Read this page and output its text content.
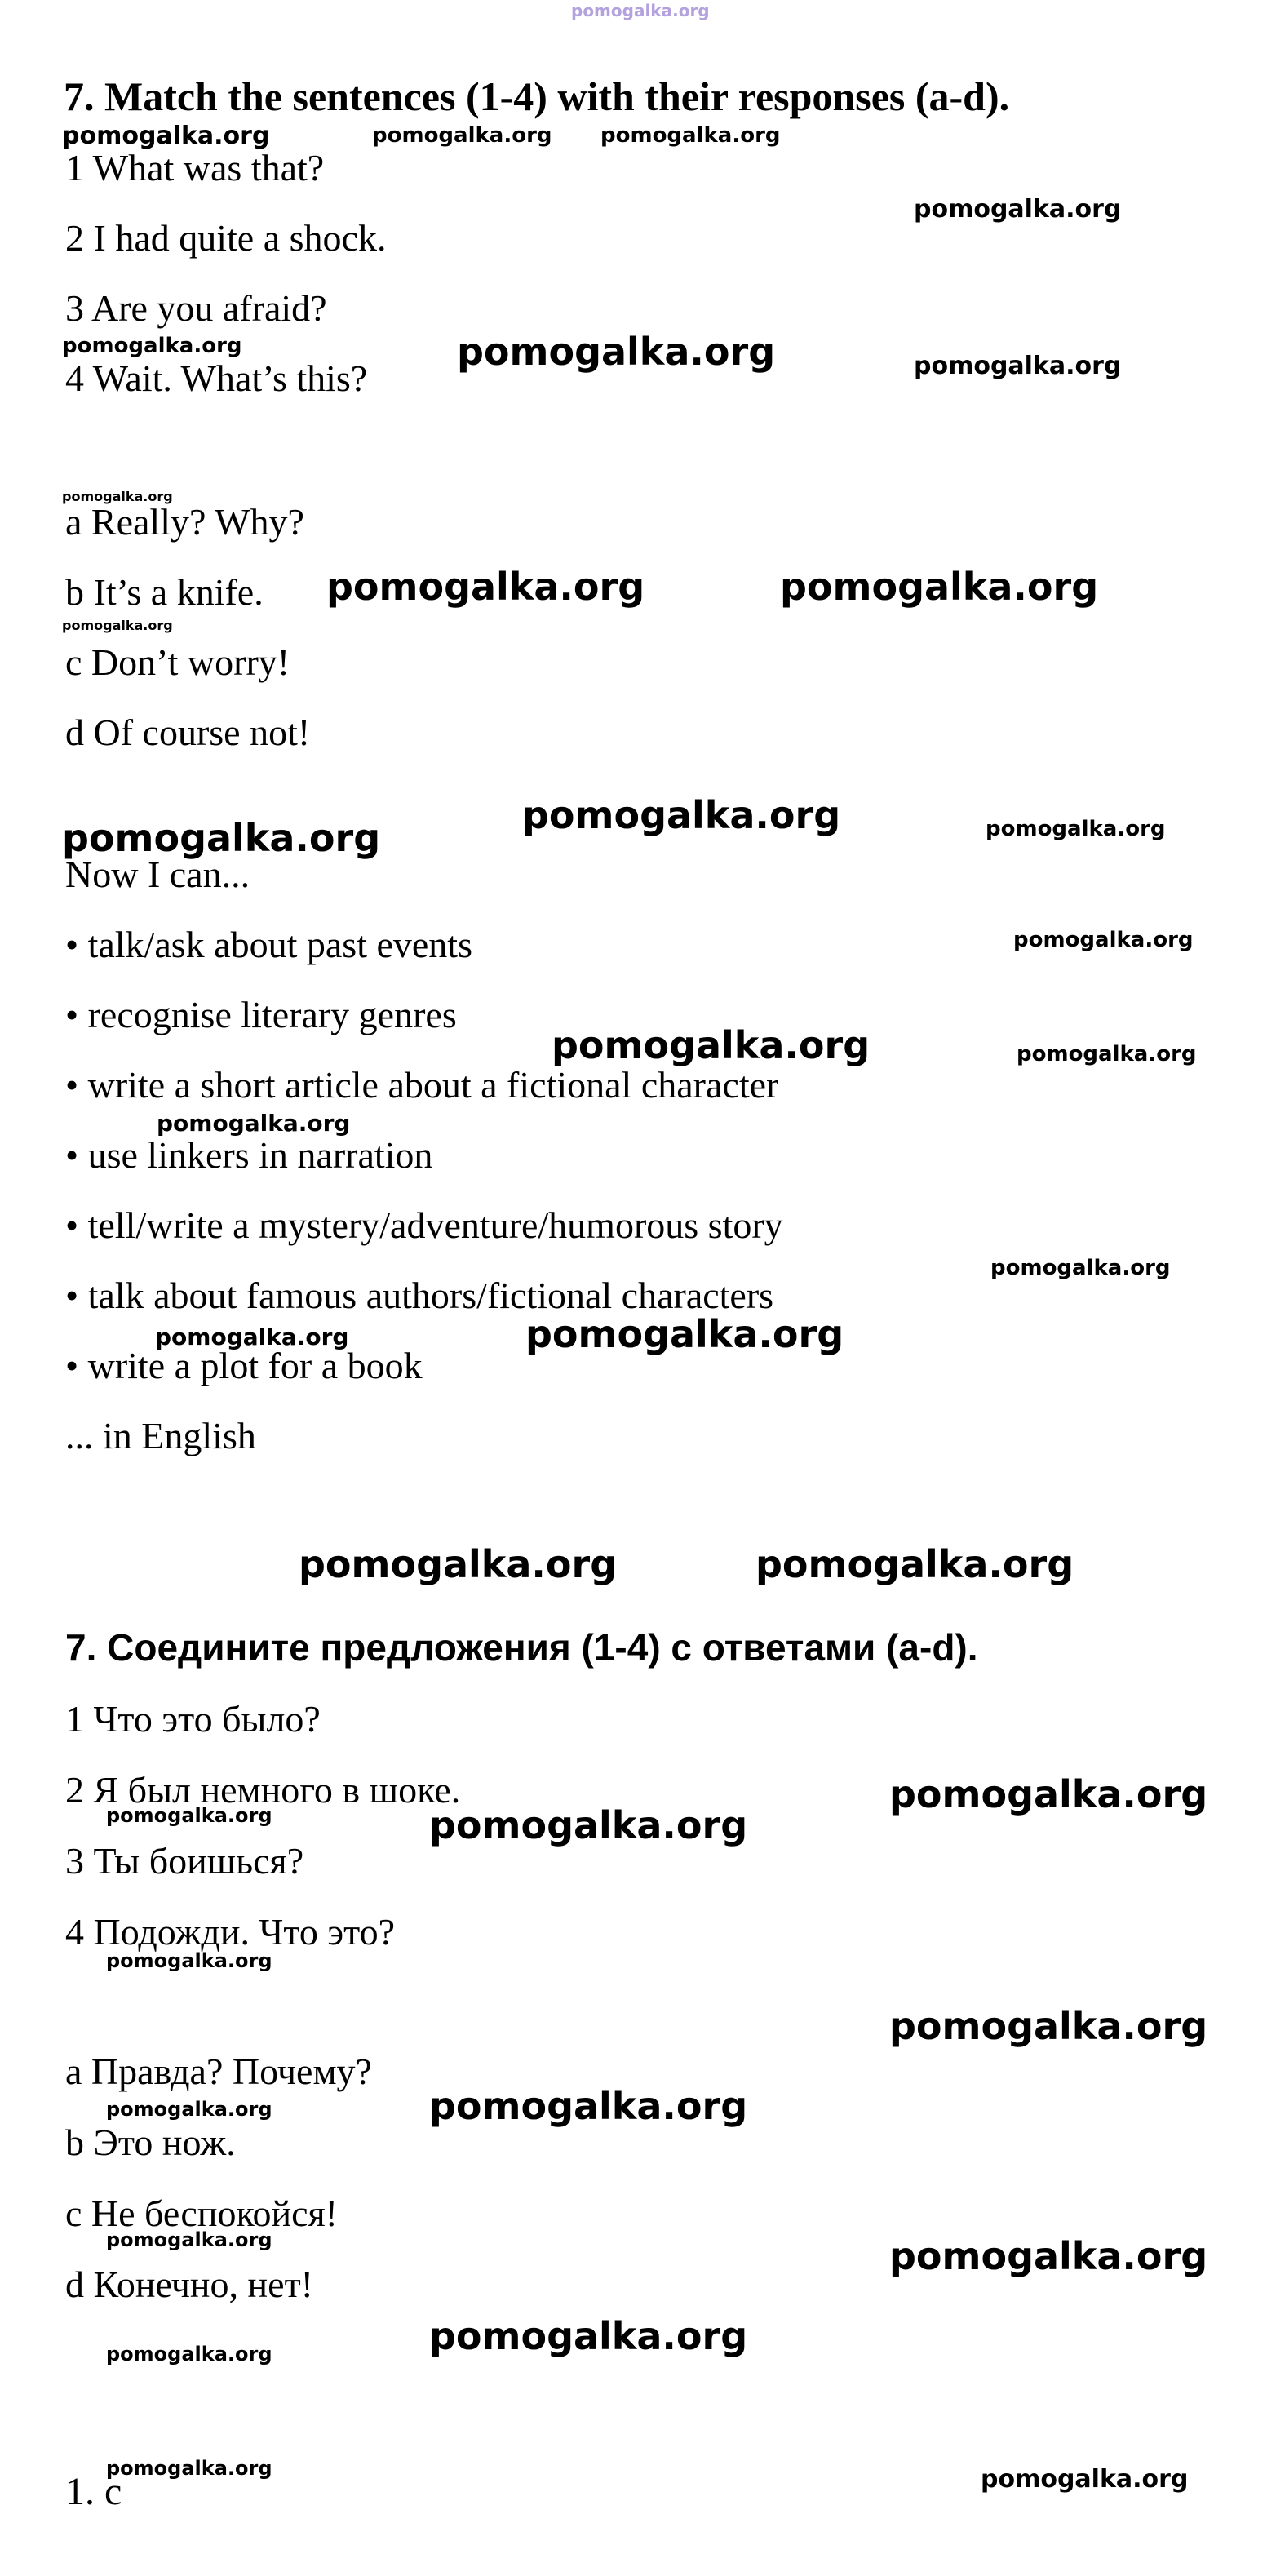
pomogalka.org
pomogalka.org	pomogalka.org pomogalka.org
pomogalka.org
pomogalka.org	pomogalka.org	pomogalka.org
pomogalka.org
pomogalka.org	pomogalka.org
pomogalka.org
pomogalka.org
pomogalka.org	pomogalka.org
pomogalka.org
pomogalka.org	pomogalka.org
pomogalka.org
pomogalka.org
pomogalka.org
pomogalka.org
pomogalka.org	pomogalka.org
pomogalka.org
pomogalka.org	pomogalka.org
pomogalka.org
pomogalka.org
pomogalka.org
pomogalka.org
pomogalka.org	pomogalka.org
pomogalka.org
pomogalka.org
pomogalka.org	pomogalka.org
7. Match the sentences (1-4) with their responses (a-d).
1 What was that?
2 I had quite a shock.
3 Are you afraid?
4 Wait. What’s this?
a Really? Why?
b It’s a knife.
c Don’t worry!
d Of course not!
Now I can...
• talk/ask about past events
• recognise literary genres
• write a short article about a fictional character
• use linkers in narration
• tell/write a mystery/adventure/humorous story
• talk about famous authors/fictional characters
• write a plot for a book
... in English
7. Соедините предложения (1-4) с ответами (a-d).
1 Что это было?
2 Я был немного в шоке.
3 Ты боишься?
4 Подожди. Что это?
a Правда? Почему?
b Это нож.
c Не беспокойся!
d Конечно, нет!
1. c
